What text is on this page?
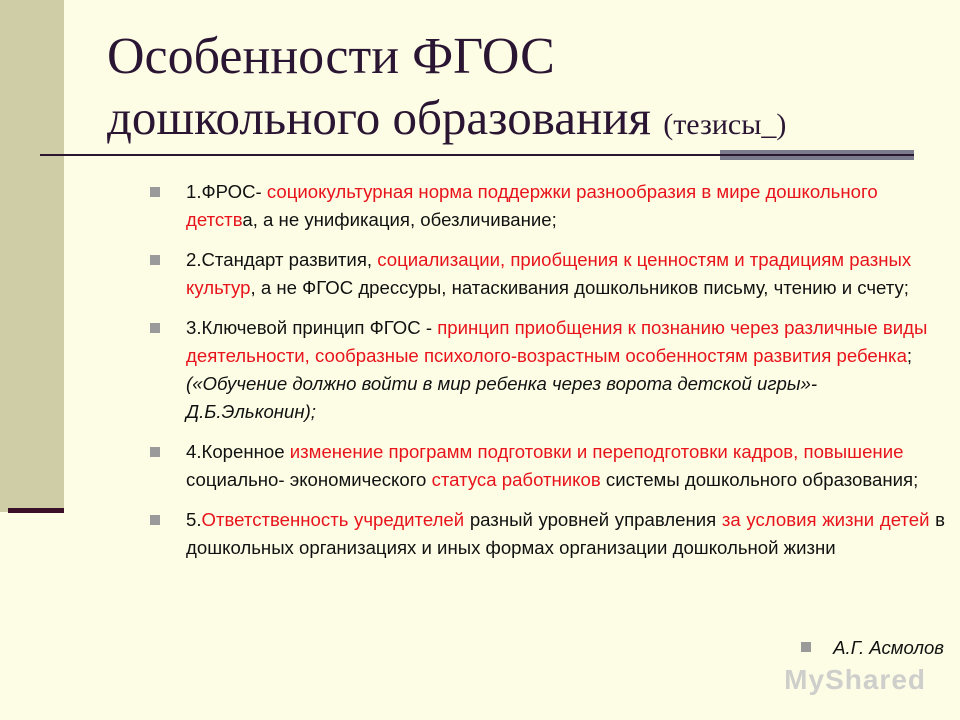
Особенности ФГОС
дошкольного образования (тезисы_)
1.ФРОС- социокультурная норма поддержки разнообразия в мире дошкольного детства, а не унификация, обезличивание;
2.Стандарт развития, социализации, приобщения к ценностям и традициям разных культур, а не ФГОС дрессуры, натаскивания дошкольников письму, чтению и счету;
3.Ключевой принцип ФГОС - принцип приобщения к познанию через различные виды деятельности, сообразные психолого-возрастным особенностям развития ребенка; («Обучение должно войти в мир ребенка через ворота детской игры»-Д.Б.Эльконин);
4.Коренное изменение программ подготовки и переподготовки кадров, повышение социально- экономического статуса работников системы дошкольного образования;
5.Ответственность учредителей разный уровней управления за условия жизни детей в дошкольных организациях и иных формах организации дошкольной жизни
А.Г. Асмолов
MyShared
